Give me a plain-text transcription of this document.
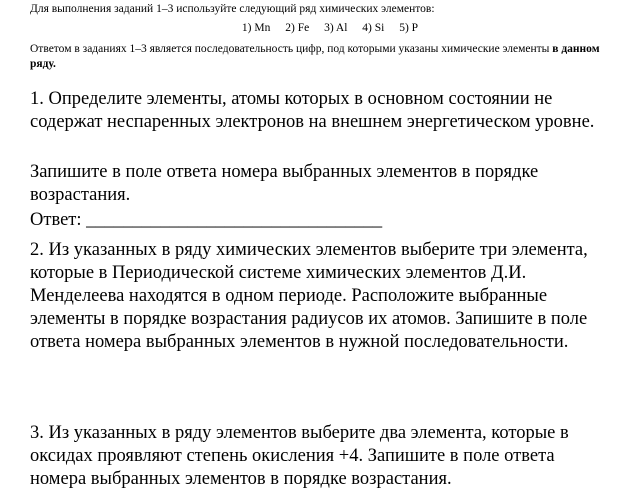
Для выполнения заданий 1–3 используйте следующий ряд химических элементов:
1) Mn 2) Fe 3) Al 4) Si 5) P
Ответом в заданиях 1–3 является последовательность цифр, под которыми указаны химические элементы в данном ряду.
1. Определите элементы, атомы которых в основном состоянии не содержат неспаренных электронов на внешнем энергетическом уровне.
Запишите в поле ответа номера выбранных элементов в порядке возрастания.
Ответ: ________________________________
2. Из указанных в ряду химических элементов выберите три элемента, которые в Периодической системе химических элементов Д.И. Менделеева находятся в одном периоде. Расположите выбранные элементы в порядке возрастания радиусов их атомов. Запишите в поле ответа номера выбранных элементов в нужной последовательности.
3. Из указанных в ряду элементов выберите два элемента, которые в оксидах проявляют степень окисления +4. Запишите в поле ответа номера выбранных элементов в порядке возрастания.
